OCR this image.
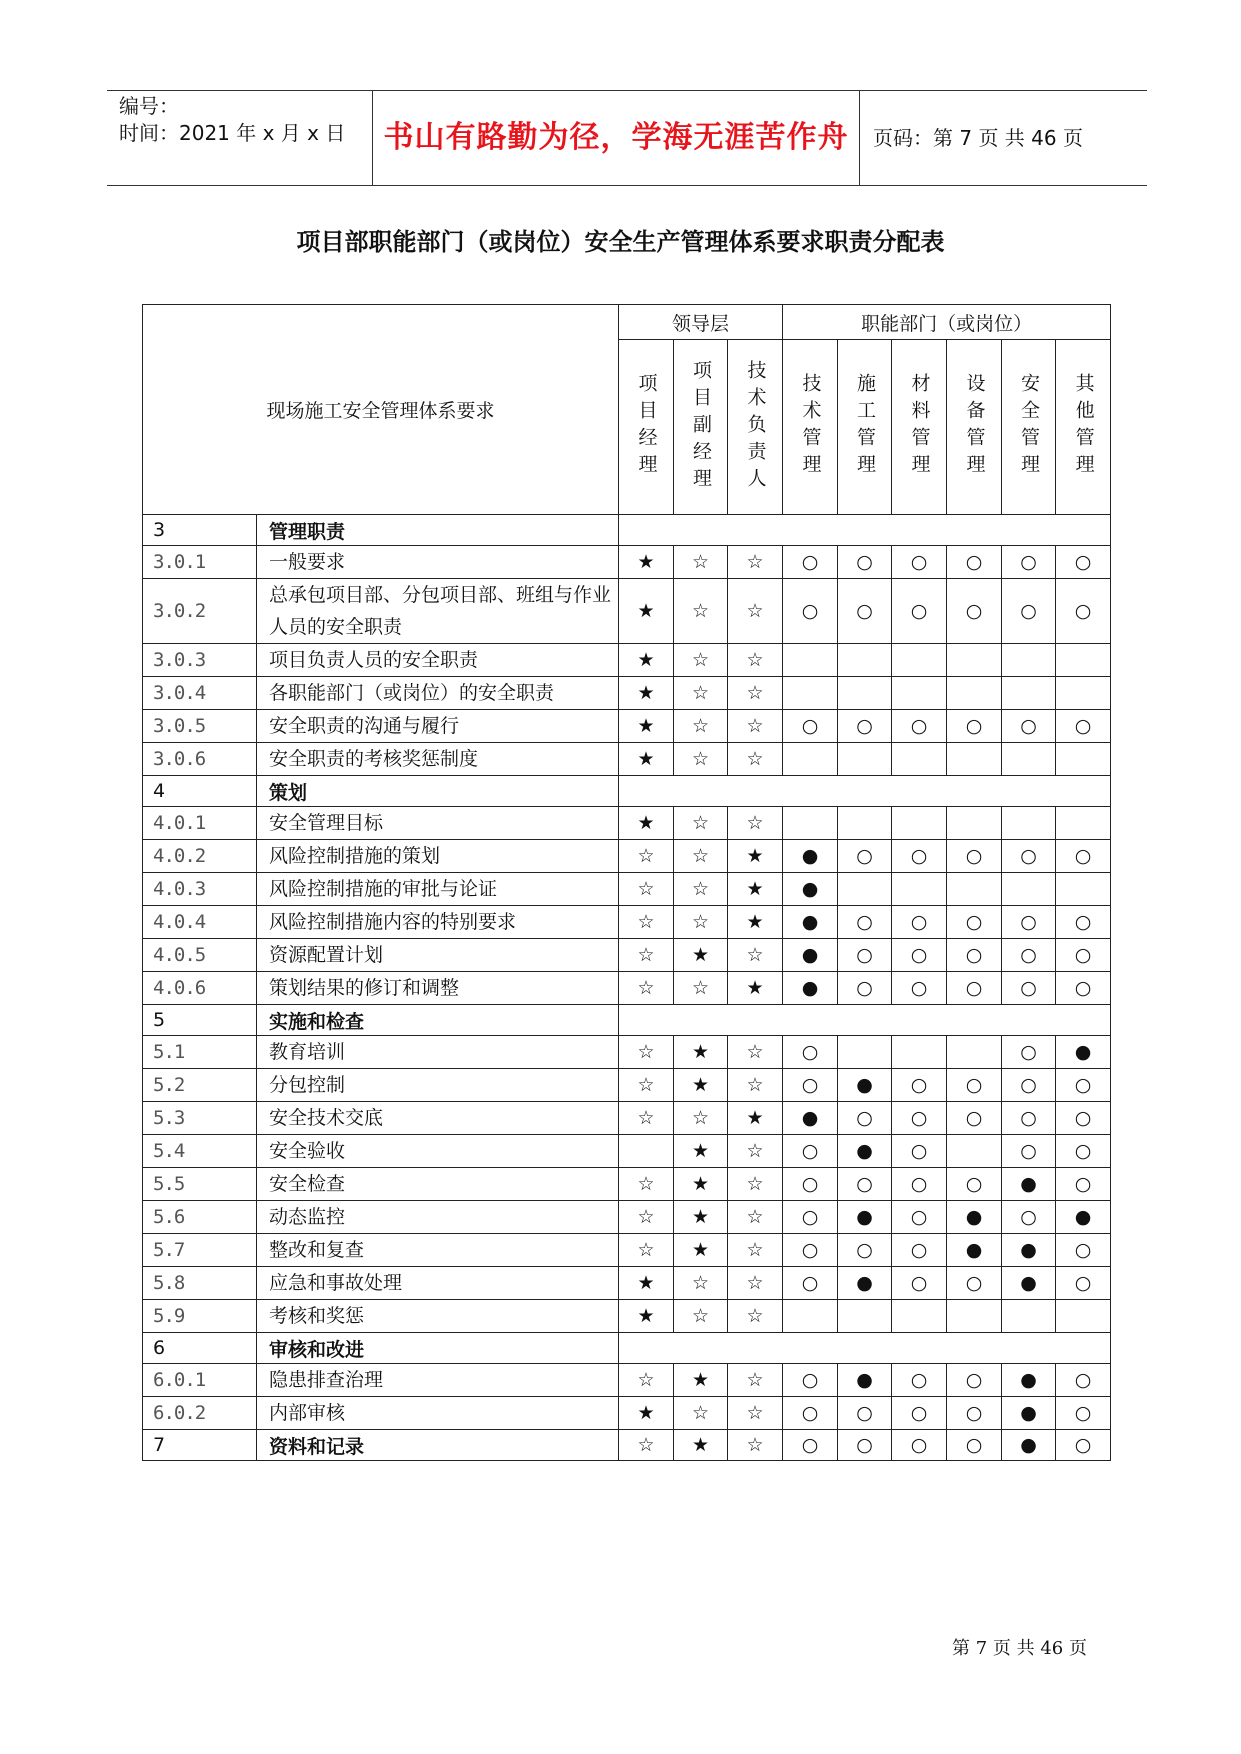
编号：
时间：2021 年 x 月 x 日	书山有路勤为径，学海无涯苦作舟	页码：第 7 页 共 46 页
项目部职能部门（或岗位）安全生产管理体系要求职责分配表
现场施工安全管理体系要求		领导层			职能部门（或岗位）					
		项目经理	项目副经理	技术负责人	技术管理	施工管理	材料管理	设备管理	安全管理	其他管理
3	管理职责									
3.0.1	一般要求	★	☆	☆	○	○	○	○	○	○
3.0.2	总承包项目部、分包项目部、班组与作业人员的安全职责	★	☆	☆	○	○	○	○	○	○
3.0.3	项目负责人员的安全职责	★	☆	☆						
3.0.4	各职能部门（或岗位）的安全职责	★	☆	☆						
3.0.5	安全职责的沟通与履行	★	☆	☆	○	○	○	○	○	○
3.0.6	安全职责的考核奖惩制度	★	☆	☆						
4	策划									
4.0.1	安全管理目标	★	☆	☆						
4.0.2	风险控制措施的策划	☆	☆	★	●	○	○	○	○	○
4.0.3	风险控制措施的审批与论证	☆	☆	★	●					
4.0.4	风险控制措施内容的特别要求	☆	☆	★	●	○	○	○	○	○
4.0.5	资源配置计划	☆	★	☆	●	○	○	○	○	○
4.0.6	策划结果的修订和调整	☆	☆	★	●	○	○	○	○	○
5	实施和检查									
5.1	教育培训	☆	★	☆	○				○	●
5.2	分包控制	☆	★	☆	○	●	○	○	○	○
5.3	安全技术交底	☆	☆	★	●	○	○	○	○	○
5.4	安全验收		★	☆	○	●	○		○	○
5.5	安全检查	☆	★	☆	○	○	○	○	●	○
5.6	动态监控	☆	★	☆	○	●	○	●	○	●
5.7	整改和复查	☆	★	☆	○	○	○	●	●	○
5.8	应急和事故处理	★	☆	☆	○	●	○	○	●	○
5.9	考核和奖惩	★	☆	☆						
6	审核和改进									
6.0.1	隐患排查治理	☆	★	☆	○	●	○	○	●	○
6.0.2	内部审核	★	☆	☆	○	○	○	○	●	○
7	资料和记录	☆	★	☆	○	○	○	○	●	○
第 7 页 共 46 页
